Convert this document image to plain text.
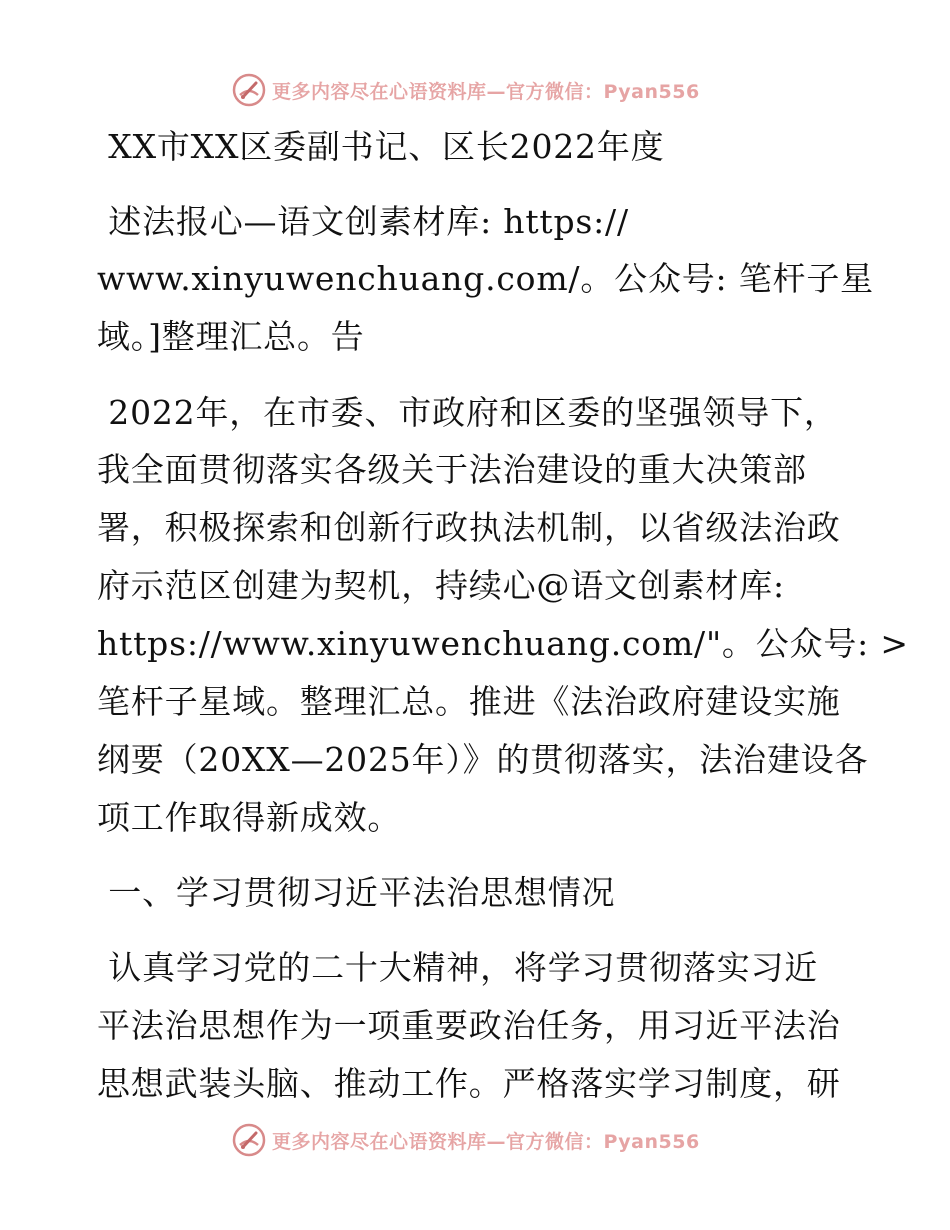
更多内容尽在心语资料库—官方微信：Pyan556
XX市XX区委副书记、区长2022年度
述法报心—语文创素材库: https://
www.xinyuwenchuang.com/。公众号: 笔杆子星
域。]整理汇总。告
2022年，在市委、市政府和区委的坚强领导下，
我全面贯彻落实各级关于法治建设的重大决策部
署，积极探索和创新行政执法机制，以省级法治政
府示范区创建为契机，持续心@语文创素材库:
https://www.xinyuwenchuang.com/"。公众号: >
笔杆子星域。整理汇总。推进《法治政府建设实施
纲要（20XX—2025年）》的贯彻落实，法治建设各
项工作取得新成效。
一、学习贯彻习近平法治思想情况
认真学习党的二十大精神，将学习贯彻落实习近
平法治思想作为一项重要政治任务，用习近平法治
思想武装头脑、推动工作。严格落实学习制度，研
更多内容尽在心语资料库—官方微信：Pyan556
